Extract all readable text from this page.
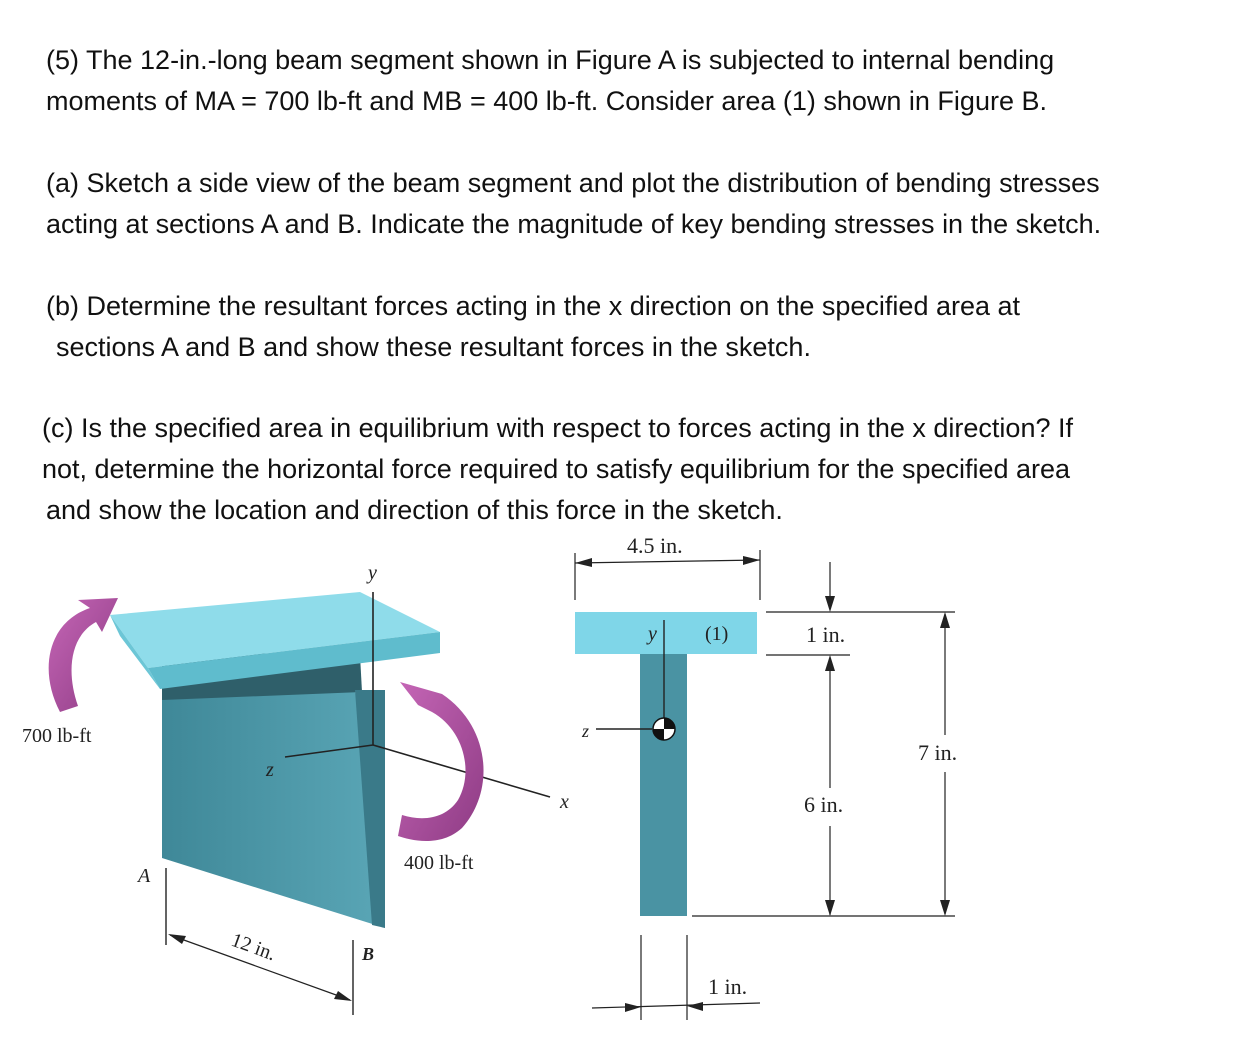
(5) The 12-in.-long beam segment shown in Figure A is subjected to internal bending
moments of MA = 700 lb-ft and MB = 400 lb-ft. Consider area (1) shown in Figure B.
(a) Sketch a side view of the beam segment and plot the distribution of bending stresses
acting at sections A and B. Indicate the magnitude of key bending stresses in the sketch.
(b) Determine the resultant forces acting in the x direction on the specified area at
sections A and B and show these resultant forces in the sketch.
(c) Is the specified area in equilibrium with respect to forces acting in the x direction? If
not, determine the horizontal force required to satisfy equilibrium for the specified area
and show the location and direction of this force in the sketch.
y
z
x
700 lb-ft
400 lb-ft
A
B
12 in.
4.5 in.
y (1)
z
1 in.
6 in.
7 in.
1 in.
